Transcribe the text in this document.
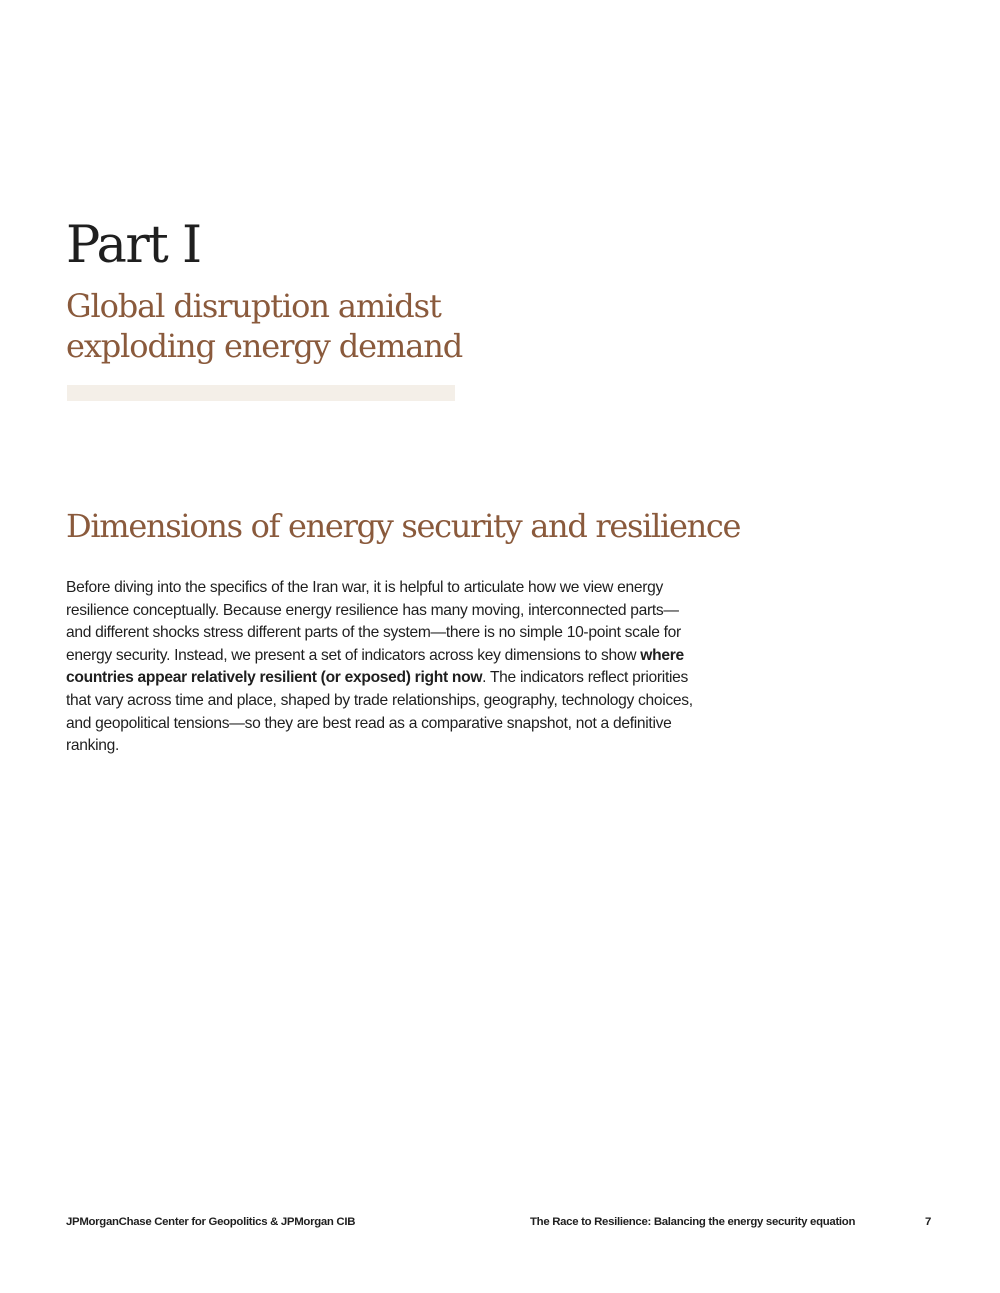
Part I
Global disruption amidst
exploding energy demand
Dimensions of energy security and resilience

Before diving into the specifics of the Iran war, it is helpful to articulate how we view energy
resilience conceptually. Because energy resilience has many moving, interconnected parts—
and different shocks stress different parts of the system—there is no simple 10-point scale for
energy security. Instead, we present a set of indicators across key dimensions to show where
countries appear relatively resilient (or exposed) right now. The indicators reflect priorities
that vary across time and place, shaped by trade relationships, geography, technology choices,
and geopolitical tensions—so they are best read as a comparative snapshot, not a definitive
ranking.

JPMorganChase Center for Geopolitics & JPMorgan CIB	The Race to Resilience: Balancing the energy security equation	7
